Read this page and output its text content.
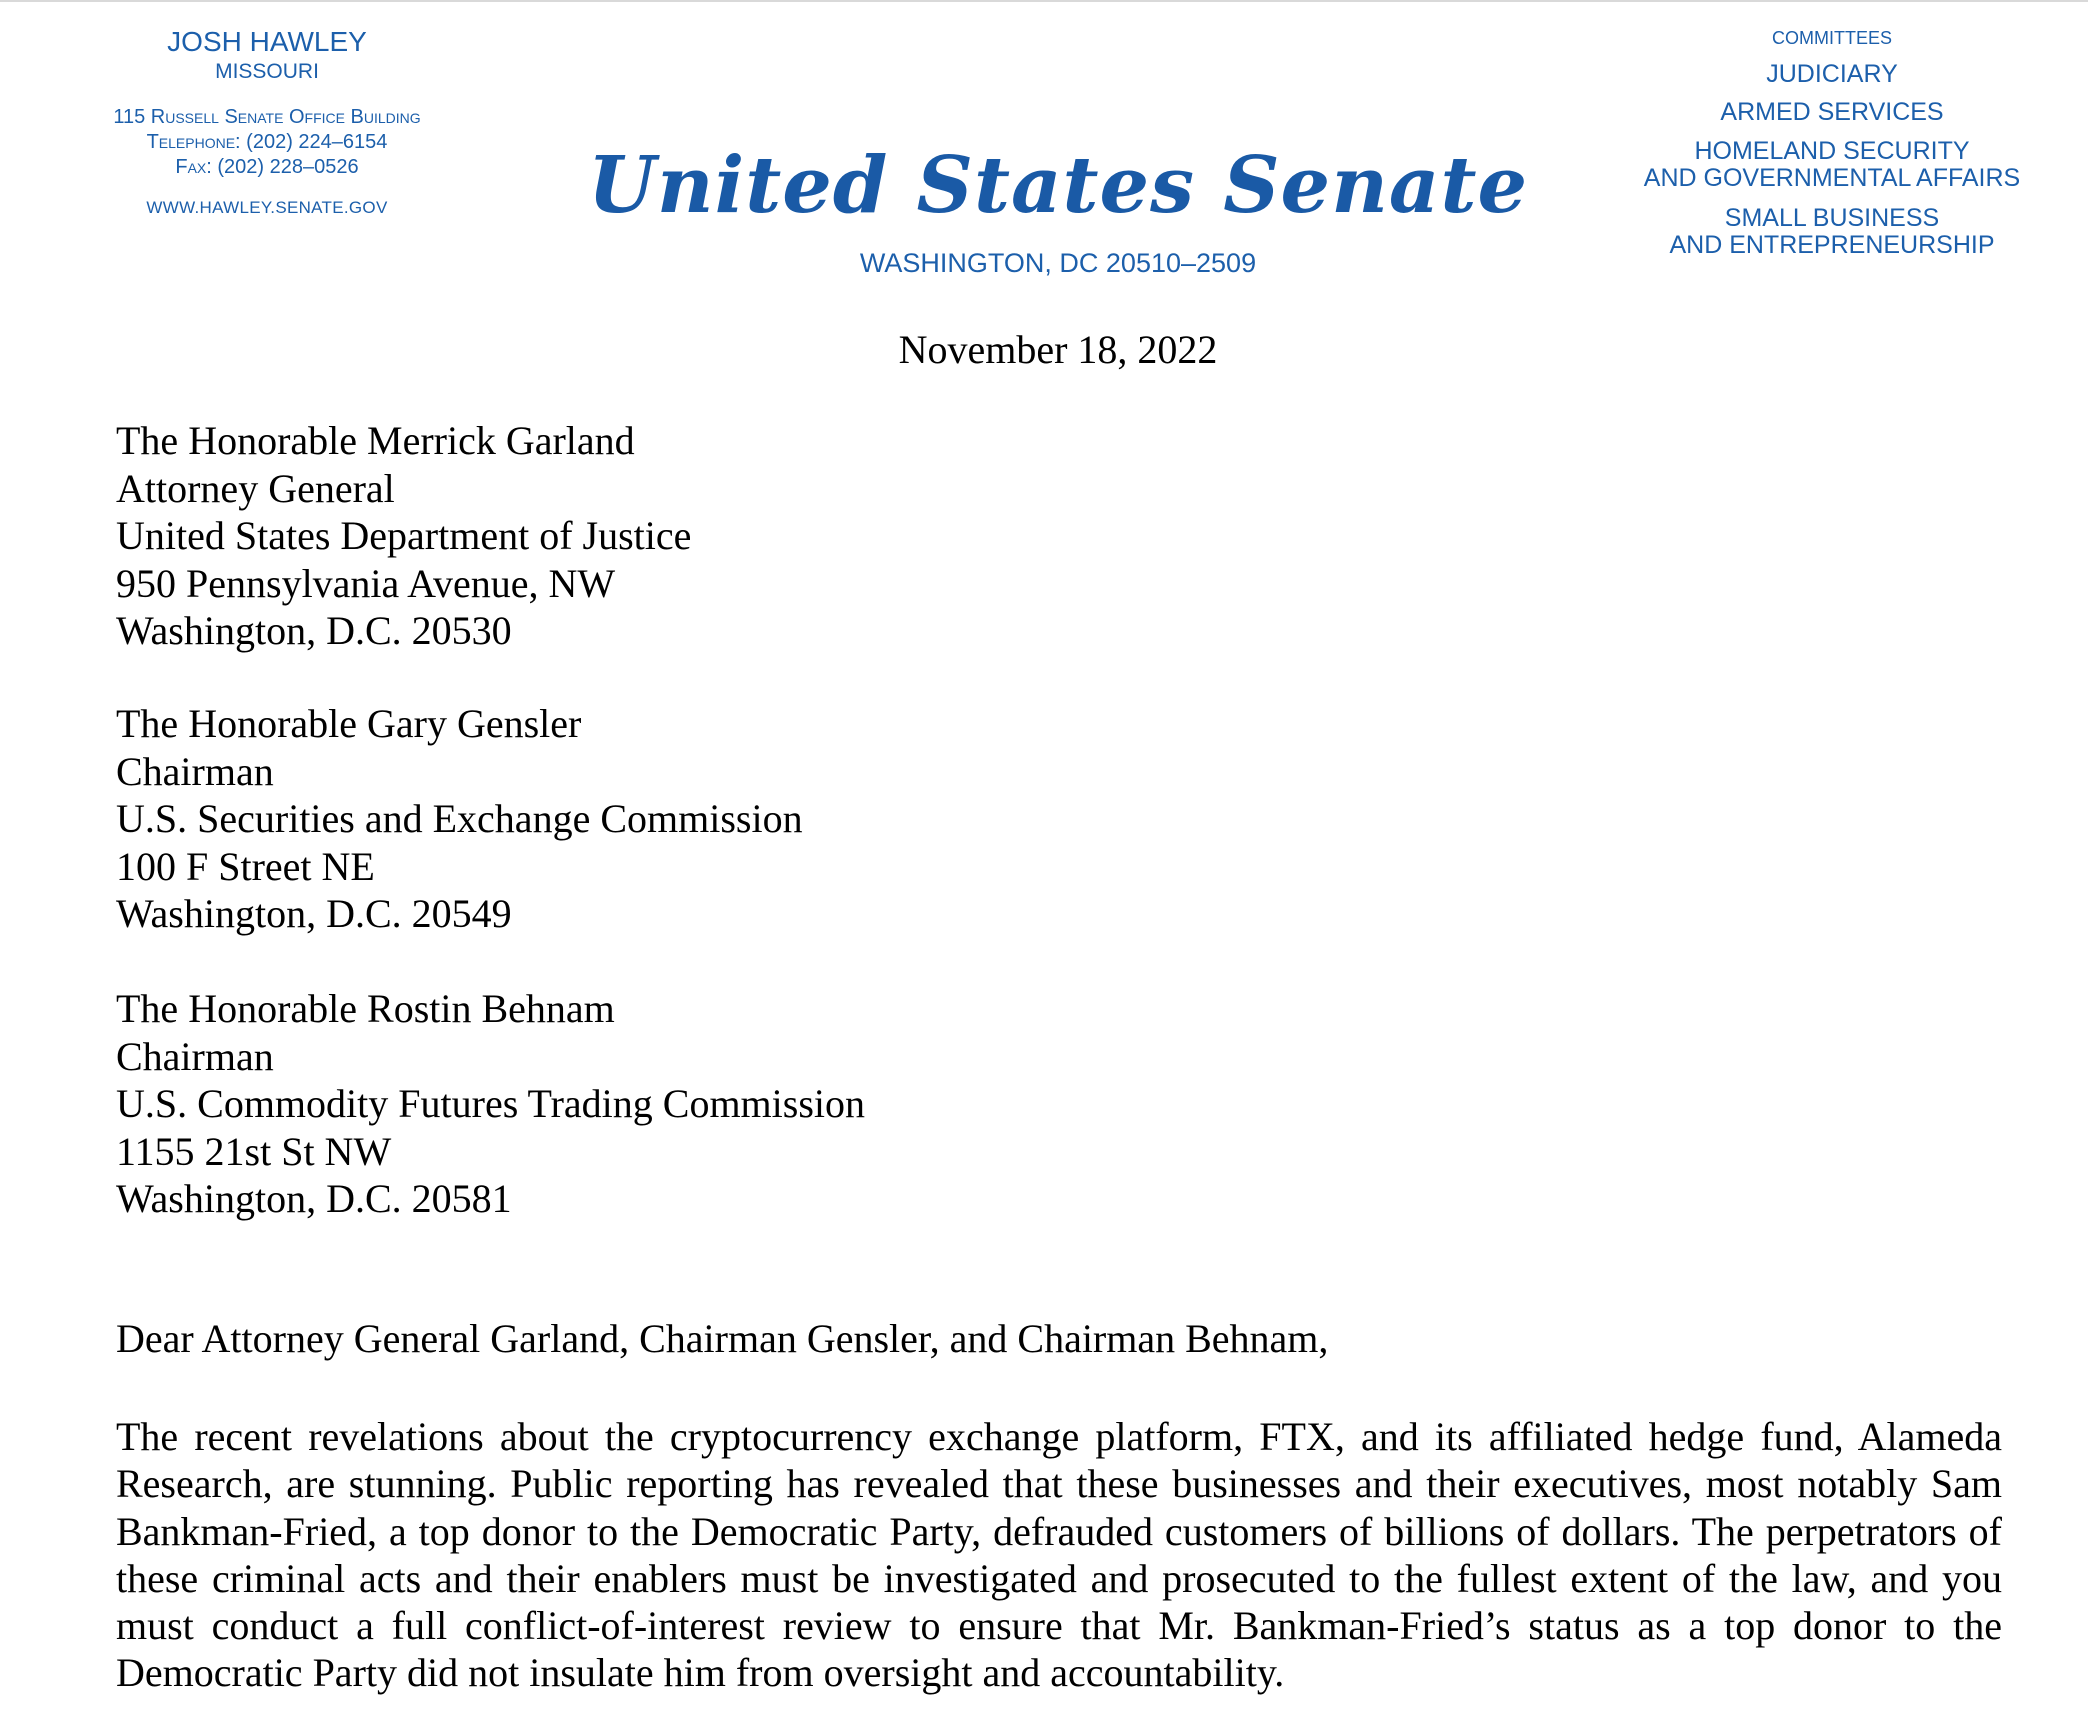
JOSH HAWLEY
MISSOURI
115 Russell Senate Office Building
Telephone: (202) 224–6154
Fax: (202) 228–0526
WWW.HAWLEY.SENATE.GOV	United States Senate
WASHINGTON, DC 20510–2509
COMMITTEES
JUDICIARY
ARMED SERVICES
HOMELAND SECURITY
AND GOVERNMENTAL AFFAIRS
SMALL BUSINESS
AND ENTREPRENEURSHIP
November 18, 2022
The Honorable Merrick Garland
Attorney General
United States Department of Justice
950 Pennsylvania Avenue, NW
Washington, D.C. 20530
The Honorable Gary Gensler
Chairman
U.S. Securities and Exchange Commission
100 F Street NE
Washington, D.C. 20549
The Honorable Rostin Behnam
Chairman
U.S. Commodity Futures Trading Commission
1155 21st St NW
Washington, D.C. 20581
Dear Attorney General Garland, Chairman Gensler, and Chairman Behnam,

The recent revelations about the cryptocurrency exchange platform, FTX, and its affiliated hedge fund, Alameda Research, are stunning. Public reporting has revealed that these businesses and their executives, most notably Sam Bankman-Fried, a top donor to the Democratic Party, defrauded customers of billions of dollars. The perpetrators of these criminal acts and their enablers must be investigated and prosecuted to the fullest extent of the law, and you must conduct a full conflict-of-interest review to ensure that Mr. Bankman-Fried’s status as a top donor to the Democratic Party did not insulate him from oversight and accountability.
